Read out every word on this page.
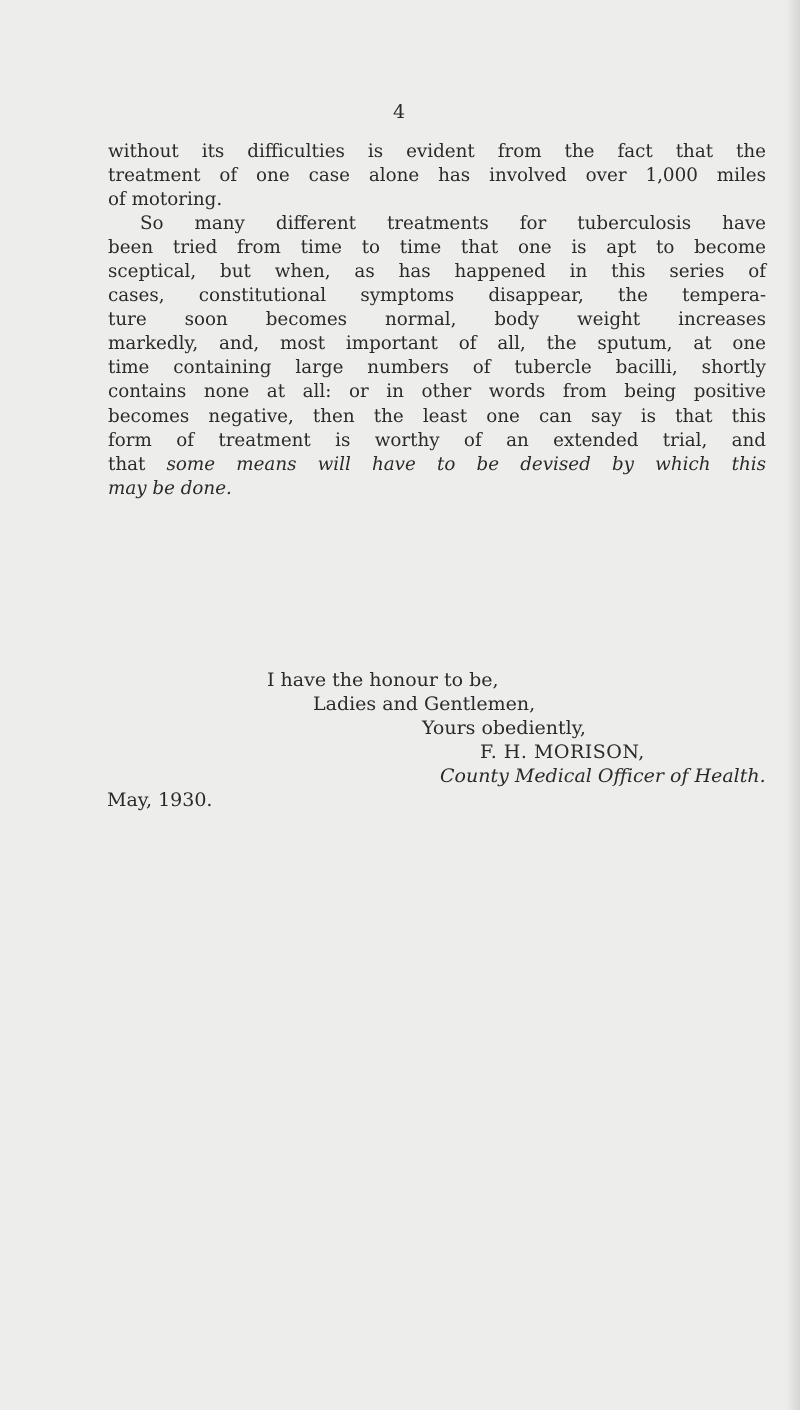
4

without its difficulties is evident from the fact that the
treatment of one case alone has involved over 1,000 miles
of motoring.

So many different treatments for tuberculosis have
been tried from time to time that one is apt to become
sceptical, but when, as has happened in this series of
cases, constitutional symptoms disappear, the tempera-
ture soon becomes normal, body weight increases
markedly, and, most important of all, the sputum, at one
time containing large numbers of tubercle bacilli, shortly
contains none at all: or in other words from being positive
becomes negative, then the least one can say is that this
form of treatment is worthy of an extended trial, and
that some means will have to be devised by which this
may be done.

I have the honour to be,
Ladies and Gentlemen,
Yours obediently,
F. H. MORISON,
County Medical Officer of Health.
May, 1930.
